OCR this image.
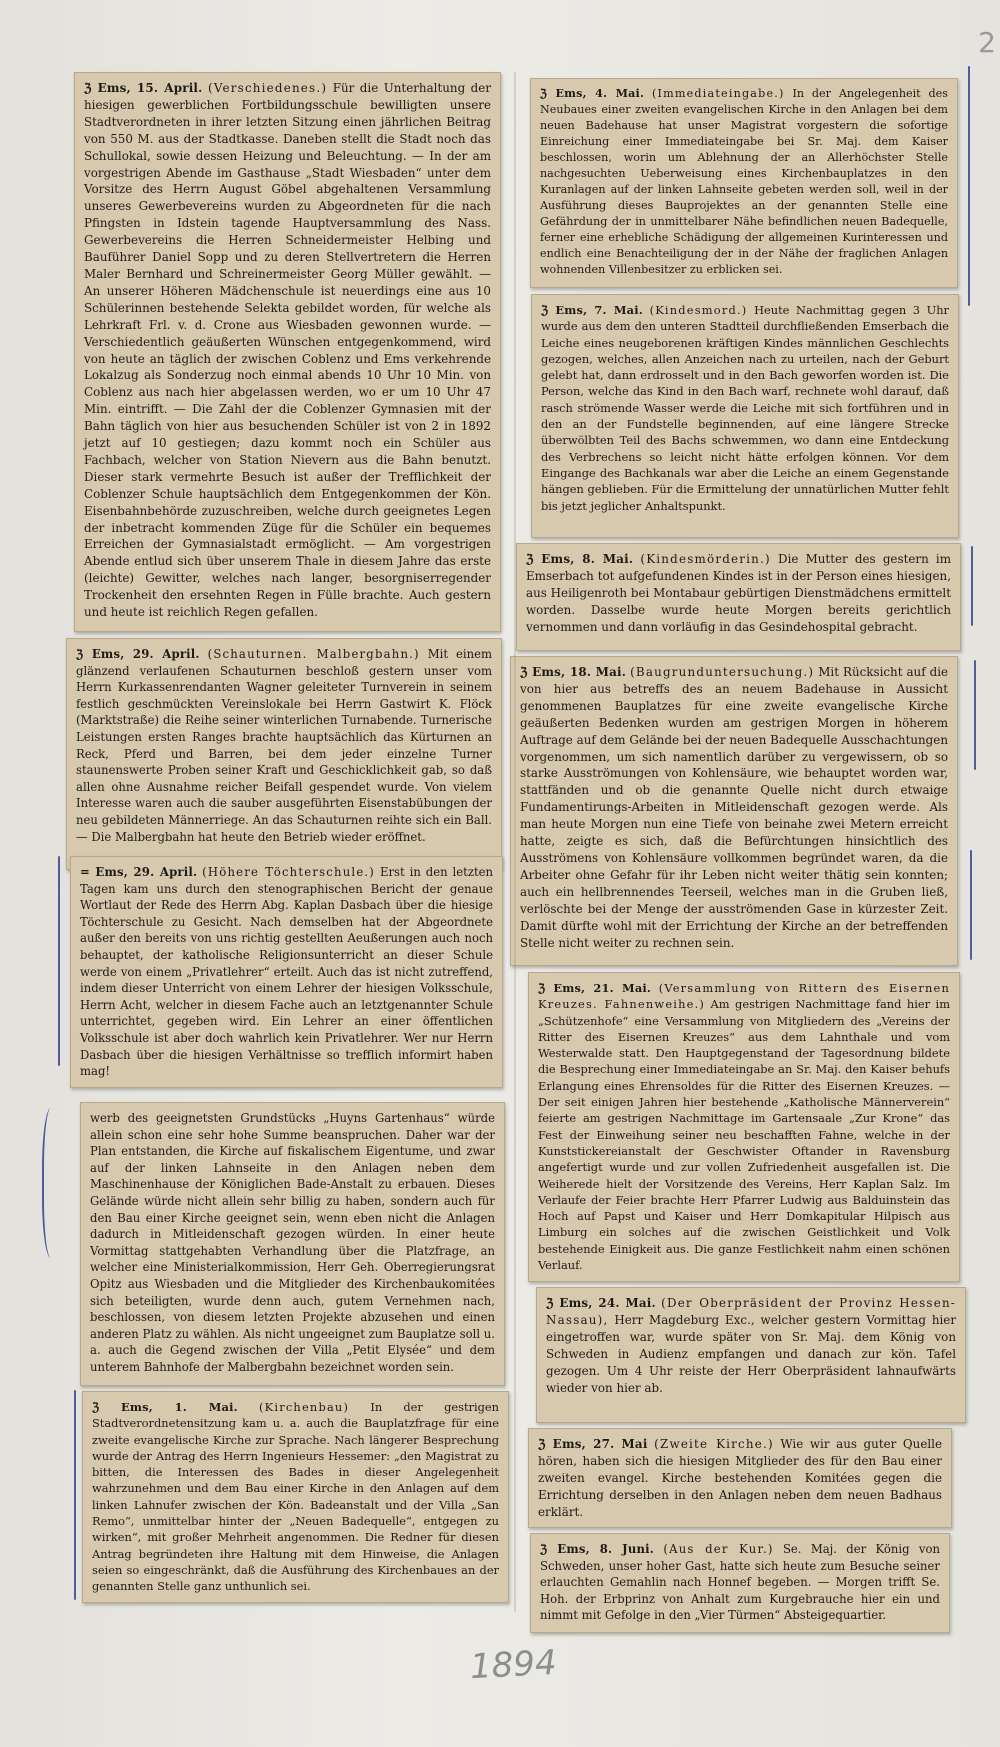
2

ℨ Ems, 15. April. (Verschiedenes.) Für die Unterhaltung der hiesigen gewerblichen Fortbildungsschule bewilligten unsere Stadtverordneten in ihrer letzten Sitzung einen jährlichen Beitrag von 550 M. aus der Stadtkasse. Daneben stellt die Stadt noch das Schullokal, sowie dessen Heizung und Beleuchtung. — In der am vorgestrigen Abende im Gasthause „Stadt Wiesbaden“ unter dem Vorsitze des Herrn August Göbel abgehaltenen Versammlung unseres Gewerbevereins wurden zu Abgeordneten für die nach Pfingsten in Idstein tagende Hauptversammlung des Nass. Gewerbevereins die Herren Schneidermeister Helbing und Bauführer Daniel Sopp und zu deren Stellvertretern die Herren Maler Bernhard und Schreinermeister Georg Müller gewählt. — An unserer Höheren Mädchenschule ist neuerdings eine aus 10 Schülerinnen bestehende Selekta gebildet worden, für welche als Lehrkraft Frl. v. d. Crone aus Wiesbaden gewonnen wurde. — Verschiedentlich geäußerten Wünschen entgegenkommend, wird von heute an täglich der zwischen Coblenz und Ems verkehrende Lokalzug als Sonderzug noch einmal abends 10 Uhr 10 Min. von Coblenz aus nach hier abgelassen werden, wo er um 10 Uhr 47 Min. eintrifft. — Die Zahl der die Coblenzer Gymnasien mit der Bahn täglich von hier aus besuchenden Schüler ist von 2 in 1892 jetzt auf 10 gestiegen; dazu kommt noch ein Schüler aus Fachbach, welcher von Station Nievern aus die Bahn benutzt. Dieser stark vermehrte Besuch ist außer der Trefflichkeit der Coblenzer Schule hauptsächlich dem Entgegenkommen der Kön. Eisenbahnbehörde zuzuschreiben, welche durch geeignetes Legen der inbetracht kommenden Züge für die Schüler ein bequemes Erreichen der Gymnasialstadt ermöglicht. — Am vorgestrigen Abende entlud sich über unserem Thale in diesem Jahre das erste (leichte) Gewitter, welches nach langer, besorgniserregender Trockenheit den ersehnten Regen in Fülle brachte. Auch gestern und heute ist reichlich Regen gefallen.

ℨ Ems, 29. April. (Schauturnen. Malbergbahn.) Mit einem glänzend verlaufenen Schauturnen beschloß gestern unser vom Herrn Kurkassenrendanten Wagner geleiteter Turnverein in seinem festlich geschmückten Vereinslokale bei Herrn Gastwirt K. Flöck (Marktstraße) die Reihe seiner winterlichen Turnabende. Turnerische Leistungen ersten Ranges brachte hauptsächlich das Kürturnen an Reck, Pferd und Barren, bei dem jeder einzelne Turner staunenswerte Proben seiner Kraft und Geschicklichkeit gab, so daß allen ohne Ausnahme reicher Beifall gespendet wurde. Von vielem Interesse waren auch die sauber ausgeführten Eisenstabübungen der neu gebildeten Männerriege. An das Schauturnen reihte sich ein Ball. — Die Malbergbahn hat heute den Betrieb wieder eröffnet.

= Ems, 29. April. (Höhere Töchterschule.) Erst in den letzten Tagen kam uns durch den stenographischen Bericht der genaue Wortlaut der Rede des Herrn Abg. Kaplan Dasbach über die hiesige Töchterschule zu Gesicht. Nach demselben hat der Abgeordnete außer den bereits von uns richtig gestellten Aeußerungen auch noch behauptet, der katholische Religionsunterricht an dieser Schule werde von einem „Privatlehrer“ erteilt. Auch das ist nicht zutreffend, indem dieser Unterricht von einem Lehrer der hiesigen Volksschule, Herrn Acht, welcher in diesem Fache auch an letztgenannter Schule unterrichtet, gegeben wird. Ein Lehrer an einer öffentlichen Volksschule ist aber doch wahrlich kein Privatlehrer. Wer nur Herrn Dasbach über die hiesigen Verhältnisse so trefflich informirt haben mag!

werb des geeignetsten Grundstücks „Huyns Gartenhaus“ würde allein schon eine sehr hohe Summe beanspruchen. Daher war der Plan entstanden, die Kirche auf fiskalischem Eigentume, und zwar auf der linken Lahnseite in den Anlagen neben dem Maschinenhause der Königlichen Bade-Anstalt zu erbauen. Dieses Gelände würde nicht allein sehr billig zu haben, sondern auch für den Bau einer Kirche geeignet sein, wenn eben nicht die Anlagen dadurch in Mitleidenschaft gezogen würden. In einer heute Vormittag stattgehabten Verhandlung über die Platzfrage, an welcher eine Ministerialkommission, Herr Geh. Oberregierungsrat Opitz aus Wiesbaden und die Mitglieder des Kirchenbaukomitées sich beteiligten, wurde denn auch, gutem Vernehmen nach, beschlossen, von diesem letzten Projekte abzusehen und einen anderen Platz zu wählen. Als nicht ungeeignet zum Bauplatze soll u. a. auch die Gegend zwischen der Villa „Petit Elysée“ und dem unterem Bahnhofe der Malbergbahn bezeichnet worden sein.

ℨ Ems, 1. Mai. (Kirchenbau) In der gestrigen Stadtverordnetensitzung kam u. a. auch die Bauplatzfrage für eine zweite evangelische Kirche zur Sprache. Nach längerer Besprechung wurde der Antrag des Herrn Ingenieurs Hessemer: „den Magistrat zu bitten, die Interessen des Bades in dieser Angelegenheit wahrzunehmen und dem Bau einer Kirche in den Anlagen auf dem linken Lahnufer zwischen der Kön. Badeanstalt und der Villa „San Remo“, unmittelbar hinter der „Neuen Badequelle“, entgegen zu wirken“, mit großer Mehrheit angenommen. Die Redner für diesen Antrag begründeten ihre Haltung mit dem Hinweise, die Anlagen seien so eingeschränkt, daß die Ausführung des Kirchenbaues an der genannten Stelle ganz unthunlich sei.

ℨ Ems, 4. Mai. (Immediateingabe.) In der Angelegenheit des Neubaues einer zweiten evangelischen Kirche in den Anlagen bei dem neuen Badehause hat unser Magistrat vorgestern die sofortige Einreichung einer Immediateingabe bei Sr. Maj. dem Kaiser beschlossen, worin um Ablehnung der an Allerhöchster Stelle nachgesuchten Ueberweisung eines Kirchenbauplatzes in den Kuranlagen auf der linken Lahnseite gebeten werden soll, weil in der Ausführung dieses Bauprojektes an der genannten Stelle eine Gefährdung der in unmittelbarer Nähe befindlichen neuen Badequelle, ferner eine erhebliche Schädigung der allgemeinen Kurinteressen und endlich eine Benachteiligung der in der Nähe der fraglichen Anlagen wohnenden Villenbesitzer zu erblicken sei.

ℨ Ems, 7. Mai. (Kindesmord.) Heute Nachmittag gegen 3 Uhr wurde aus dem den unteren Stadtteil durchfließenden Emserbach die Leiche eines neugeborenen kräftigen Kindes männlichen Geschlechts gezogen, welches, allen Anzeichen nach zu urteilen, nach der Geburt gelebt hat, dann erdrosselt und in den Bach geworfen worden ist. Die Person, welche das Kind in den Bach warf, rechnete wohl darauf, daß rasch strömende Wasser werde die Leiche mit sich fortführen und in den an der Fundstelle beginnenden, auf eine längere Strecke überwölbten Teil des Bachs schwemmen, wo dann eine Entdeckung des Verbrechens so leicht nicht hätte erfolgen können. Vor dem Eingange des Bachkanals war aber die Leiche an einem Gegenstande hängen geblieben. Für die Ermittelung der unnatürlichen Mutter fehlt bis jetzt jeglicher Anhaltspunkt.

ℨ Ems, 8. Mai. (Kindesmörderin.) Die Mutter des gestern im Emserbach tot aufgefundenen Kindes ist in der Person eines hiesigen, aus Heiligenroth bei Montabaur gebürtigen Dienstmädchens ermittelt worden. Dasselbe wurde heute Morgen bereits gerichtlich vernommen und dann vorläufig in das Gesindehospital gebracht.

ℨ Ems, 18. Mai. (Baugrunduntersuchung.) Mit Rücksicht auf die von hier aus betreffs des an neuem Badehause in Aussicht genommenen Bauplatzes für eine zweite evangelische Kirche geäußerten Bedenken wurden am gestrigen Morgen in höherem Auftrage auf dem Gelände bei der neuen Badequelle Ausschachtungen vorgenommen, um sich namentlich darüber zu vergewissern, ob so starke Ausströmungen von Kohlensäure, wie behauptet worden war, stattfänden und ob die genannte Quelle nicht durch etwaige Fundamentirungs-Arbeiten in Mitleidenschaft gezogen werde. Als man heute Morgen nun eine Tiefe von beinahe zwei Metern erreicht hatte, zeigte es sich, daß die Befürchtungen hinsichtlich des Ausströmens von Kohlensäure vollkommen begründet waren, da die Arbeiter ohne Gefahr für ihr Leben nicht weiter thätig sein konnten; auch ein hellbrennendes Teerseil, welches man in die Gruben ließ, verlöschte bei der Menge der ausströmenden Gase in kürzester Zeit. Damit dürfte wohl mit der Errichtung der Kirche an der betreffenden Stelle nicht weiter zu rechnen sein.

ℨ Ems, 21. Mai. (Versammlung von Rittern des Eisernen Kreuzes. Fahnenweihe.) Am gestrigen Nachmittage fand hier im „Schützenhofe“ eine Versammlung von Mitgliedern des „Vereins der Ritter des Eisernen Kreuzes“ aus dem Lahnthale und vom Westerwalde statt. Den Hauptgegenstand der Tagesordnung bildete die Besprechung einer Immediateingabe an Sr. Maj. den Kaiser behufs Erlangung eines Ehrensoldes für die Ritter des Eisernen Kreuzes. — Der seit einigen Jahren hier bestehende „Katholische Männerverein“ feierte am gestrigen Nachmittage im Gartensaale „Zur Krone“ das Fest der Einweihung seiner neu beschafften Fahne, welche in der Kunststickereianstalt der Geschwister Oftander in Ravensburg angefertigt wurde und zur vollen Zufriedenheit ausgefallen ist. Die Weiherede hielt der Vorsitzende des Vereins, Herr Kaplan Salz. Im Verlaufe der Feier brachte Herr Pfarrer Ludwig aus Balduinstein das Hoch auf Papst und Kaiser und Herr Domkapitular Hilpisch aus Limburg ein solches auf die zwischen Geistlichkeit und Volk bestehende Einigkeit aus. Die ganze Festlichkeit nahm einen schönen Verlauf.

ℨ Ems, 24. Mai. (Der Oberpräsident der Provinz Hessen-Nassau), Herr Magdeburg Exc., welcher gestern Vormittag hier eingetroffen war, wurde später von Sr. Maj. dem König von Schweden in Audienz empfangen und danach zur kön. Tafel gezogen. Um 4 Uhr reiste der Herr Oberpräsident lahnaufwärts wieder von hier ab.

ℨ Ems, 27. Mai (Zweite Kirche.) Wie wir aus guter Quelle hören, haben sich die hiesigen Mitglieder des für den Bau einer zweiten evangel. Kirche bestehenden Komitées gegen die Errichtung derselben in den Anlagen neben dem neuen Badhaus erklärt.

ℨ Ems, 8. Juni. (Aus der Kur.) Se. Maj. der König von Schweden, unser hoher Gast, hatte sich heute zum Besuche seiner erlauchten Gemahlin nach Honnef begeben. — Morgen trifft Se. Hoh. der Erbprinz von Anhalt zum Kurgebrauche hier ein und nimmt mit Gefolge in den „Vier Türmen“ Absteigequartier.

1894
